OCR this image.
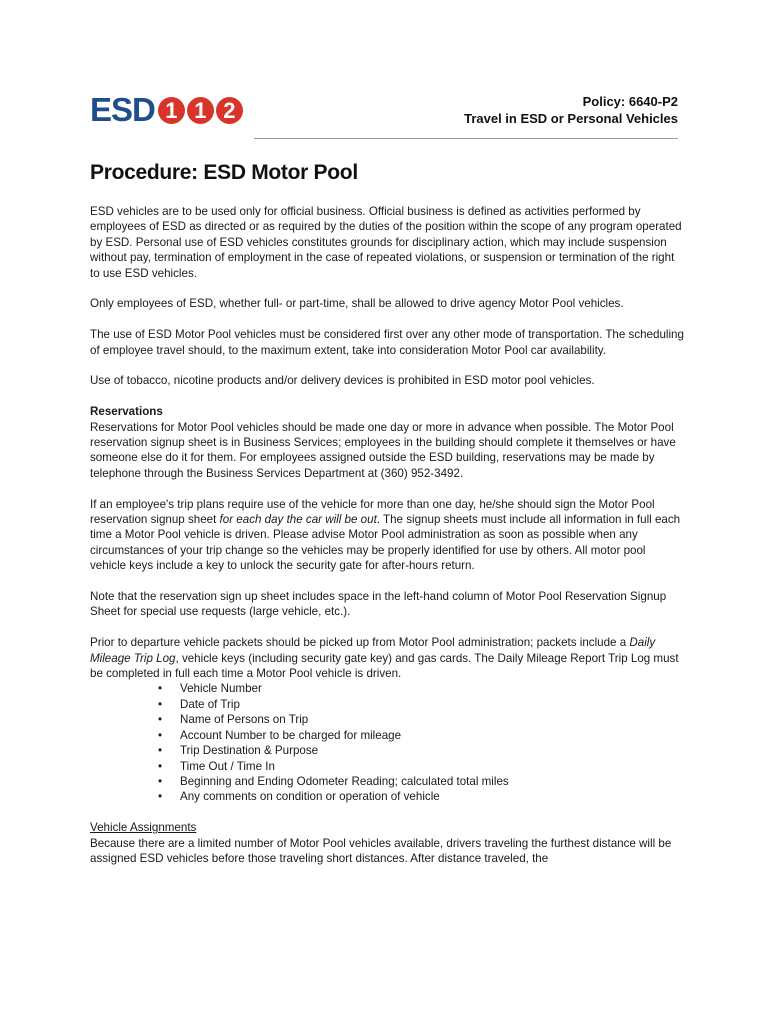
ESD 1 1 2	Policy: 6640-P2
Travel in ESD or Personal Vehicles
Procedure: ESD Motor Pool

ESD vehicles are to be used only for official business. Official business is defined as activities performed by employees of ESD as directed or as required by the duties of the position within the scope of any program operated by ESD. Personal use of ESD vehicles constitutes grounds for disciplinary action, which may include suspension without pay, termination of employment in the case of repeated violations, or suspension or termination of the right to use ESD vehicles.

Only employees of ESD, whether full- or part-time, shall be allowed to drive agency Motor Pool vehicles.

The use of ESD Motor Pool vehicles must be considered first over any other mode of transportation. The scheduling of employee travel should, to the maximum extent, take into consideration Motor Pool car availability.

Use of tobacco, nicotine products and/or delivery devices is prohibited in ESD motor pool vehicles.

Reservations

Reservations for Motor Pool vehicles should be made one day or more in advance when possible. The Motor Pool reservation signup sheet is in Business Services; employees in the building should complete it themselves or have someone else do it for them. For employees assigned outside the ESD building, reservations may be made by telephone through the Business Services Department at (360) 952-3492.

If an employee's trip plans require use of the vehicle for more than one day, he/she should sign the Motor Pool reservation signup sheet for each day the car will be out. The signup sheets must include all information in full each time a Motor Pool vehicle is driven. Please advise Motor Pool administration as soon as possible when any circumstances of your trip change so the vehicles may be properly identified for use by others. All motor pool vehicle keys include a key to unlock the security gate for after-hours return.

Note that the reservation sign up sheet includes space in the left-hand column of Motor Pool Reservation Signup Sheet for special use requests (large vehicle, etc.).

Prior to departure vehicle packets should be picked up from Motor Pool administration; packets include a Daily Mileage Trip Log, vehicle keys (including security gate key) and gas cards. The Daily Mileage Report Trip Log must be completed in full each time a Motor Pool vehicle is driven.

• Vehicle Number
• Date of Trip
• Name of Persons on Trip
• Account Number to be charged for mileage
• Trip Destination & Purpose
• Time Out / Time In
• Beginning and Ending Odometer Reading; calculated total miles
• Any comments on condition or operation of vehicle
Vehicle Assignments

Because there are a limited number of Motor Pool vehicles available, drivers traveling the furthest distance will be assigned ESD vehicles before those traveling short distances. After distance traveled, the
